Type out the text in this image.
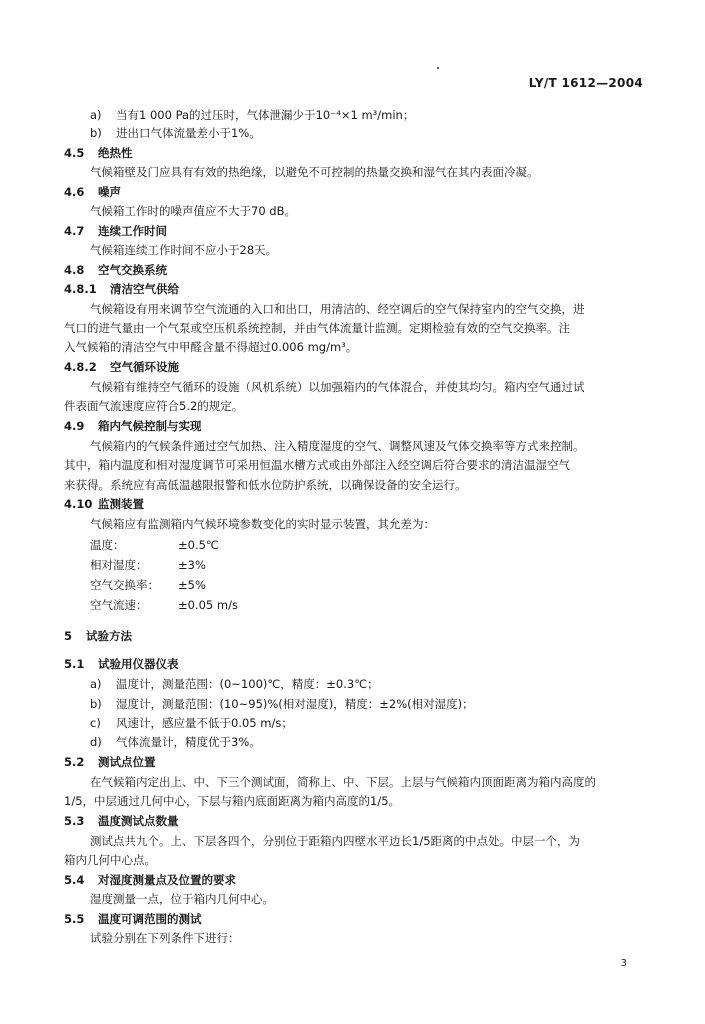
LY/T 1612—2004
a) 当有1 000 Pa的过压时，气体泄漏少于10⁻⁴×1 m³/min；
b) 进出口气体流量差小于1%。
4.5 绝热性
气候箱壁及门应具有有效的热绝缘，以避免不可控制的热量交换和湿气在其内表面冷凝。
4.6 噪声
气候箱工作时的噪声值应不大于70 dB。
4.7 连续工作时间
气候箱连续工作时间不应小于28天。
4.8 空气交换系统
4.8.1 清洁空气供给
气候箱设有用来调节空气流通的入口和出口，用清洁的、经空调后的空气保持室内的空气交换，进
气口的进气量由一个气泵或空压机系统控制，并由气体流量计监测。定期检验有效的空气交换率。注
入气候箱的清洁空气中甲醛含量不得超过0.006 mg/m³。
4.8.2 空气循环设施
气候箱有维持空气循环的设施（风机系统）以加强箱内的气体混合，并使其均匀。箱内空气通过试
件表面气流速度应符合5.2的规定。
4.9 箱内气候控制与实现
气候箱内的气候条件通过空气加热、注入精度湿度的空气、调整风速及气体交换率等方式来控制。
其中，箱内温度和相对湿度调节可采用恒温水槽方式或由外部注入经空调后符合要求的清洁温湿空气
来获得。系统应有高低温越限报警和低水位防护系统，以确保设备的安全运行。
4.10 监测装置
气候箱应有监测箱内气候环境参数变化的实时显示装置，其允差为：
温度：	±0.5℃
相对湿度：	±3%
空气交换率： ±5%
空气流速：	±0.05 m/s
5 试验方法
5.1 试验用仪器仪表
a) 温度计，测量范围：(0~100)℃，精度：±0.3℃；
b) 湿度计，测量范围：(10~95)%(相对湿度)，精度：±2%(相对湿度)；
c) 风速计，感应量不低于0.05 m/s；
d) 气体流量计，精度优于3%。
5.2 测试点位置
在气候箱内定出上、中、下三个测试面，简称上、中、下层。上层与气候箱内顶面距离为箱内高度的
1/5，中层通过几何中心，下层与箱内底面距离为箱内高度的1/5。
5.3 温度测试点数量
测试点共九个。上、下层各四个，分别位于距箱内四壁水平边长1/5距离的中点处。中层一个，为
箱内几何中心点。
5.4 对湿度测量点及位置的要求
湿度测量一点，位于箱内几何中心。
5.5 温度可调范围的测试
试验分别在下列条件下进行：
3
